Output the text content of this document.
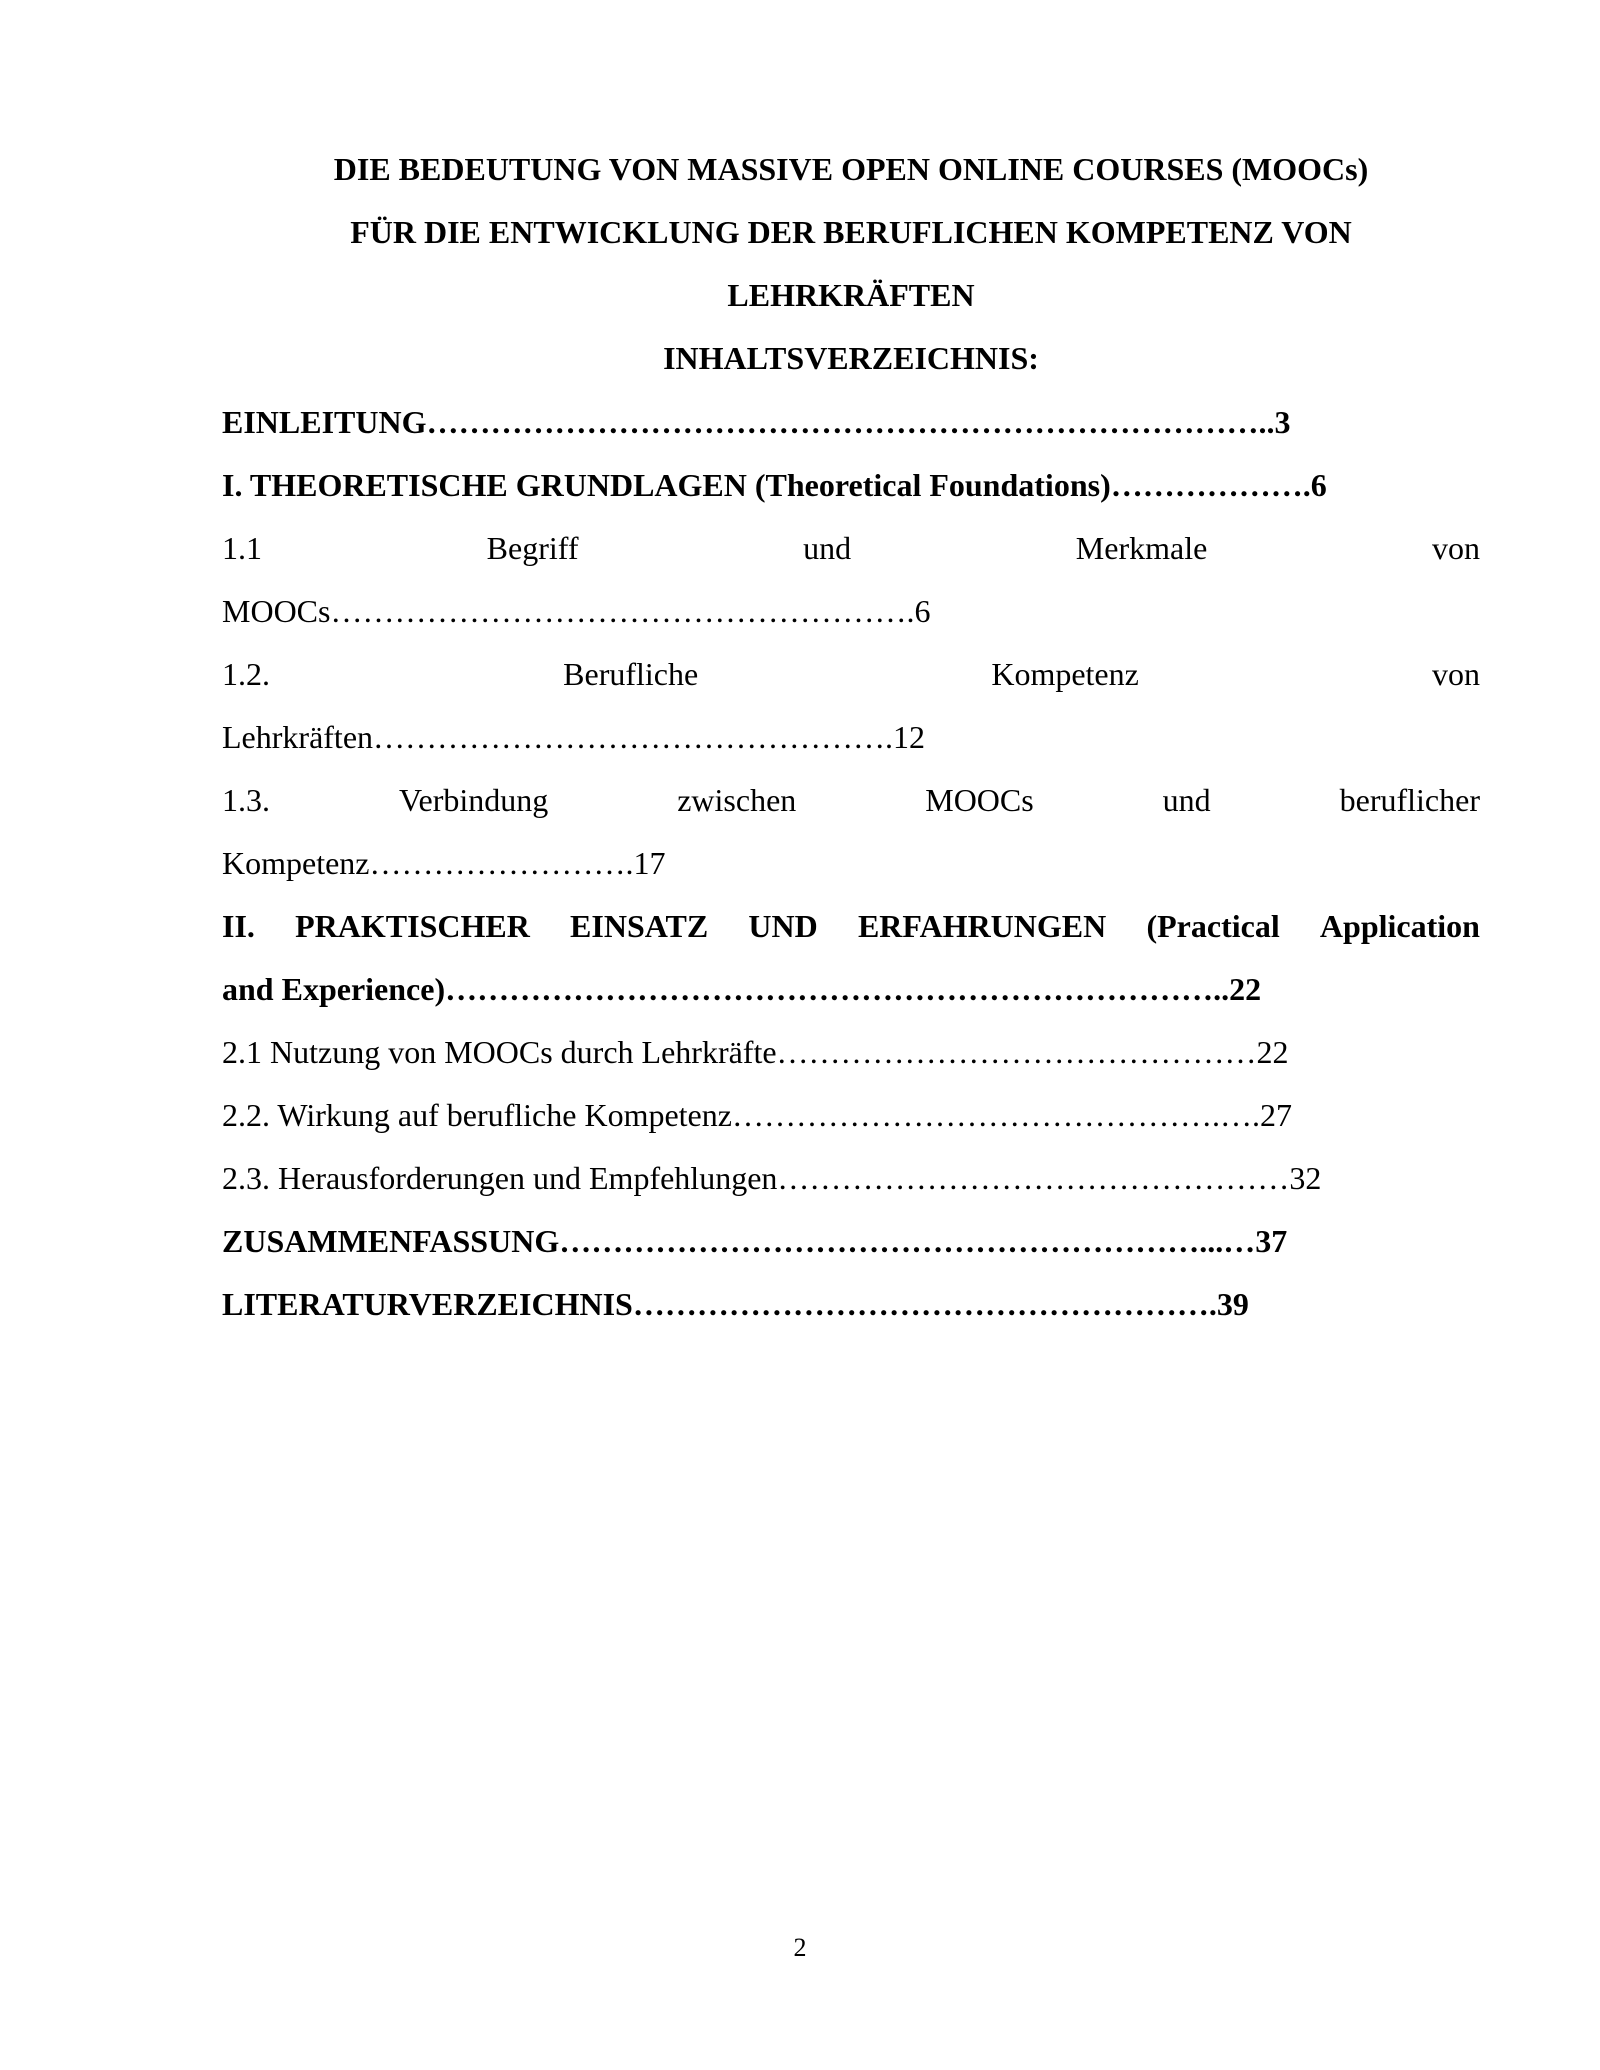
DIE BEDEUTUNG VON MASSIVE OPEN ONLINE COURSES (MOOCs)
FÜR DIE ENTWICKLUNG DER BERUFLICHEN KOMPETENZ VON
LEHRKRÄFTEN
INHALTSVERZEICHNIS:
EINLEITUNG……………………………………………………………………..3
I. THEORETISCHE GRUNDLAGEN (Theoretical Foundations)……………….6
1.1	Begriff	und	Merkmale	von
MOOCs……………………………………………….6
1.2.	Berufliche	Kompetenz	von
Lehrkräften………………………………………….12
1.3.	Verbindung	zwischen	MOOCs	und	beruflicher
Kompetenz…………………….17
II. PRAKTISCHER EINSATZ UND ERFAHRUNGEN (Practical Application
and Experience)………………………………………………………………..22
2.1 Nutzung von MOOCs durch Lehrkräfte………………………………………22
2.2. Wirkung auf berufliche Kompetenz……………………………………….….27
2.3. Herausforderungen und Empfehlungen…………………………………………32
ZUSAMMENFASSUNG……………………………………………………...…37
LITERATURVERZEICHNIS……………………………………………….39
2
